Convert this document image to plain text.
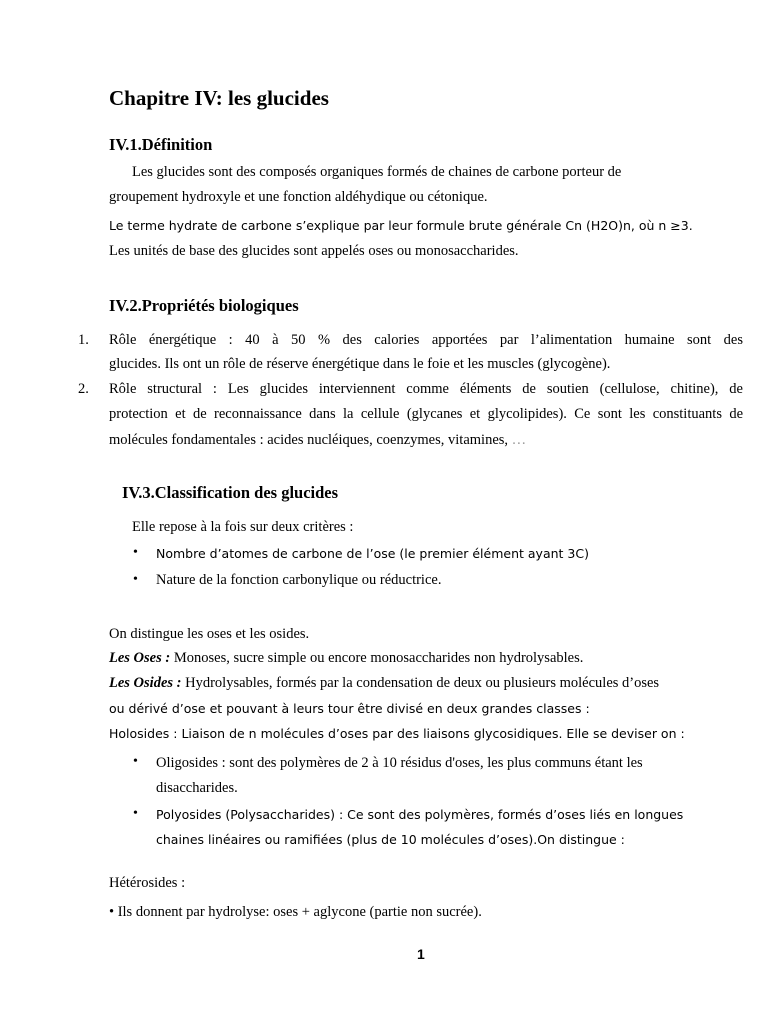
Chapitre IV: les glucides
IV.1.Définition
Les glucides sont des composés organiques formés de chaines de carbone porteur de
groupement hydroxyle et une fonction aldéhydique ou cétonique.
Le terme hydrate de carbone s’explique par leur formule brute générale Cn (H2O)n, où n ≥3.
Les unités de base des glucides sont appelés oses ou monosaccharides.
IV.2.Propriétés biologiques
1. Rôle énergétique : 40 à 50 % des calories apportées par l’alimentation humaine sont des
glucides. Ils ont un rôle de réserve énergétique dans le foie et les muscles (glycogène).
2. Rôle structural : Les glucides interviennent comme éléments de soutien (cellulose, chitine), de
protection et de reconnaissance dans la cellule (glycanes et glycolipides). Ce sont les constituants de
molécules fondamentales : acides nucléiques, coenzymes, vitamines, …
IV.3.Classification des glucides
Elle repose à la fois sur deux critères :
• Nombre d’atomes de carbone de l’ose (le premier élément ayant 3C)
• Nature de la fonction carbonylique ou réductrice.
On distingue les oses et les osides.
Les Oses : Monoses, sucre simple ou encore monosaccharides non hydrolysables.
Les Osides : Hydrolysables, formés par la condensation de deux ou plusieurs molécules d’oses
ou dérivé d’ose et pouvant à leurs tour être divisé en deux grandes classes :
Holosides : Liaison de n molécules d’oses par des liaisons glycosidiques. Elle se deviser on :
• Oligosides : sont des polymères de 2 à 10 résidus d'oses, les plus communs étant les
disaccharides.
• Polyosides (Polysaccharides) : Ce sont des polymères, formés d’oses liés en longues
chaines linéaires ou ramifiées (plus de 10 molécules d’oses).On distingue :
Hétérosides :
• Ils donnent par hydrolyse: oses + aglycone (partie non sucrée).
1
